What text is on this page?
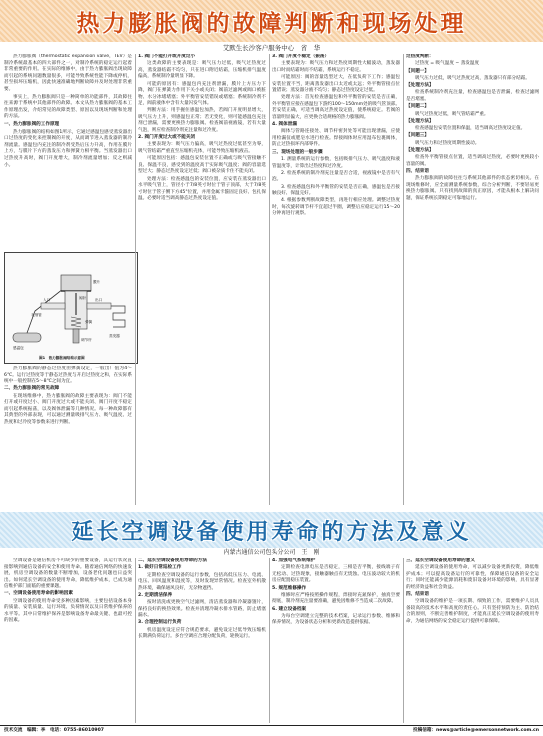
热力膨胀阀的故障判断和现场处理
艾默生长沙客户服务中心　省　华

热力膨胀阀（thermostatic expansion valve，TEV）是制冷系统最基本的四大部件之一，对制冷系统的稳定运行起着非常重要的作用。在实际的维修中，由于热力膨胀阀出现故障而引起的系统问题数量很多，可能导致系统性能下降或停机，甚至损坏压缩机，因此快速准确地判断故障并及时处理非常重要。

事实上，热力膨胀阀只是一种简单的功能部件，其故障往往来源于系统中其他部件的故障。本文从热力膨胀阀的基本工作原理出发，介绍常见的故障类型、原因以及现场判断和处理的方法。

一、热力膨胀阀的工作原理

热力膨胀阀的结构如图1所示，它通过感温包感受蒸发器出口过热度的变化来控制阀的开度，从而调节进入蒸发器的制冷剂流量。感温包内充注的制冷剂受热后压力升高，作用在膜片上方，与膜片下方的蒸发压力和弹簧力相平衡。当蒸发器出口过热度升高时，阀门开度增大，制冷剂流量增加；反之则减小。

感温包
毛细管
膜片
阀针
弹簧
调节杆
蒸发器
入口	出口
图1　热力膨胀阀结构示意图

热力膨胀阀的静态过热度由弹簧设定，一般出厂值为4～6℃。运行过热度等于静态过热度与开启过热度之和，在实际系统中一般控制在5～8℃之间为宜。

二、热力膨胀阀的常见故障

在现场维修中，热力膨胀阀的故障主要表现为：阀门不能打开或开度过小、阀门开度过大或不能关闭、阀门开度不稳定而引起系统振荡，以及阀体泄漏等几种情况。每一种故障都有其典型的外部表现，可以通过测量吸排气压力、吸气温度、过热度和过冷度等参数来进行判断。

1. 阀门不能打开或开度过小

这类故障的主要表现是：吸气压力过低，吸气过热度过高，蒸发器结霜不均匀，只在进口附近结霜，压缩机排气温度偏高，系统制冷量明显下降。

可能的原因有：感温包内充注剂泄漏，膜片上方压力下降，阀门在弹簧力作用下关小或关闭；阀前过滤网或阀口被脏物、水分冰堵堵塞；外平衡管安装错误或堵塞；系统制冷剂不足，阀前液体中含有大量闪发气体。

判断方法：用手握住感温包加热，若阀门开度明显增大，吸气压力上升，则感温包正常；若无变化，则可能感温包充注剂已泄漏，需要更换热力膨胀阀。检查阀前视液镜，若有大量气泡，则应检查制冷剂充注量和过冷度。

2. 阀门开度过大或不能关闭

主要表现为：吸气压力偏高，吸气过热度过低甚至为零，吸气管结霜严重直至压缩机壳体，可能导致压缩机液击。

可能原因包括：感温包安装位置不正确或与吸气管接触不良、保温不良，感受到的温度高于实际吸气温度；阀的容量选型过大；静态过热度设定过低；阀口被杂质卡住不能关闭。

处理方法：检查感温包的安装位置，应安装在蒸发器出口水平吸气管上，管径小于7/8英寸时位于管子顶部，大于7/8英寸时位于管子侧下方45°位置，并用金属卡箍固定良好、包扎保温。必要时适当调高静态过热度设定值。

3. 阀门开度不稳定（振荡）

主要表现为：吸气压力和过热度周期性大幅波动，蒸发器出口时而结霜时而不结霜，系统运行不稳定。

可能原因：阀的容量选型过大，在低负荷下工作；感温包安装位置不当，距离蒸发器出口太近或太远；外平衡管接点位置错误；蒸发器分液不均匀；静态过热度设定过低。

处理方法：首先检查感温包和外平衡管的安装是否正确，外平衡管应接在感温包下游约100～150mm处的吸气管顶部。若安装正确，可适当调高过热度设定值，使系统稳定。若阀的容量明显偏大，应更换合适规格的热力膨胀阀。

4. 阀体泄漏

阀体与管路连接处、调节杆密封处等可能出现泄漏，应使用检漏仪或肥皂水进行检查。焊接阀体时应用湿布包裹阀体，防止过热损坏内部零件。

三、现场处理的一般步骤

1. 测量系统的运行参数，包括吸排气压力、吸气温度和液管温度等，计算出过热度和过冷度。

2. 检查系统的制冷剂充注量是否合适，视液镜中是否有气泡。

3. 检查感温包和外平衡管的安装是否正确，感温包是否接触良好、保温完好。

4. 根据参数判断故障类型，再进行相应处理。调整过热度时，每次旋转调节杆不宜超过半圈，调整后应稳定运行15～20分钟再进行观察。

过热度判断：

过热度 = 吸气温度 − 蒸发温度

【问题一】

吸气压力过低，吸气过热度过高，蒸发器只有部分结霜。

【处理方法】

检查系统制冷剂充注量，检查感温包是否泄漏，检查过滤网是否堵塞。

【问题二】

吸气过热度过低，吸气管结霜严重。

【处理方法】

检查感温包安装位置和保温，适当调高过热度设定值。

【问题三】

吸气压力和过热度周期性波动。

【处理方法】

检查外平衡管接点位置，适当调高过热度，必要时更换较小容量的阀。

四、结束语

热力膨胀阀的故障往往与系统其他部件的状态密切相关。在现场维修时，应全面测量系统参数，综合分析判断，不要轻易更换热力膨胀阀。只有找到故障的真正原因，才能从根本上解决问题，保证系统长期稳定可靠地运行。

延长空调设备使用寿命的方法及意义
内蒙古通信公司包头分公司　王　刚

空调设备是通信机房不可缺少的重要设备，其运行状况直接影响到通信设备的安全和使用寿命。随着通信网络的快速发展，机房空调设备的数量不断增加，设备老化问题也日益突出。如何延长空调设备的使用寿命，降低维护成本，已成为通信维护部门面临的重要课题。

一、空调设备使用寿命的影响因素

空调设备的使用寿命受多种因素影响，主要包括设备本身的质量、安装质量、运行环境、负荷情况以及日常维护保养的水平等。其中日常维护保养是影响设备寿命最关键、也最可控的因素。

二、延长空调设备使用寿命的方法

1. 做好日常巡检工作

定期检查空调设备的运行参数，包括高低压压力、电流、电压、回风温度和湿度等，及时发现异常情况。检查室外机散热环境，确保通风良好，无杂物遮挡。

2. 定期清洁保养

按时清洗或更换空气过滤网，清洁蒸发器和冷凝器翅片，保持良好的换热效果。检查并清理冷凝水排水管路，防止堵塞漏水。

3. 合理控制运行负荷

机房温度设定应符合规范要求，避免设定过低导致压缩机长期满负荷运行。多台空调应合理分配负荷，轮换运行。

4. 加强电气系统维护

定期检查电源电压是否稳定，三相是否平衡，接线端子有无松动、过热现象，接触器触点有无烧蚀。电压波动较大的机房应配置稳压装置。

5. 规范维修操作

维修时应严格按照操作规程，焊接时充氮保护，抽真空要彻底，制冷剂充注量要准确，避免因维修不当造成二次故障。

6. 建立设备档案

为每台空调建立完整的技术档案，记录运行参数、维修和保养情况，为设备状态分析和更新改造提供依据。

三、延长空调设备使用寿命的意义

延长空调设备的使用寿命，可以减少设备更新投资，降低维护成本；可以提高设备运行的可靠性，保障通信设备的安全运行；同时还能减少能源消耗和废旧设备对环境的影响，具有显著的经济效益和社会效益。

四、结束语

空调设备的维护是一项长期、细致的工作，需要维护人员具备较高的技术水平和高度的责任心。只有坚持预防为主、防治结合的原则，不断完善维护制度，才能真正延长空调设备的使用寿命，为通信网络的安全稳定运行提供可靠保障。

技术交流　编辑：李　电话：0755-86010907	投稿信箱：news@article@emersonnetwork.com.cn
